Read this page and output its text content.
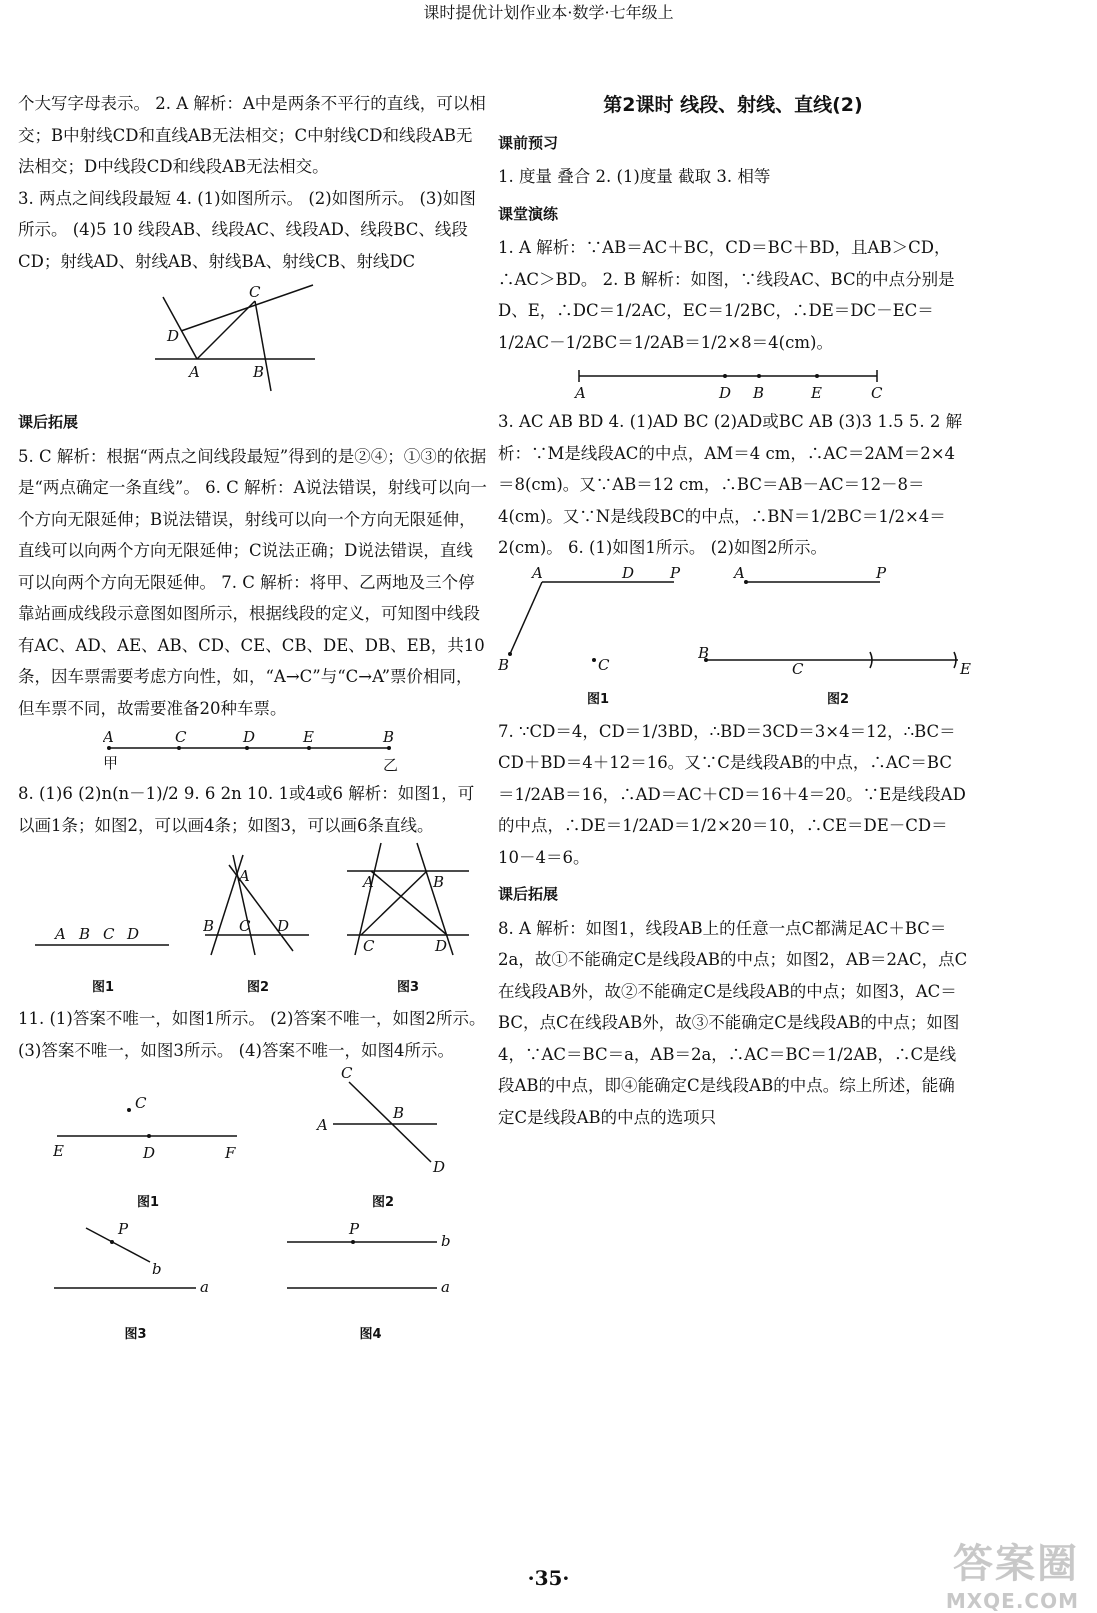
个大写字母表示。 2. A 解析：A中是两条不平行的直线，可以相交；B中射线CD和直线AB无法相交；C中射线CD和线段AB无法相交；D中线段CD和线段AB无法相交。

3. 两点之间线段最短 4. (1)如图所示。 (2)如图所示。 (3)如图所示。 (4)5 10 线段AB、线段AC、线段AD、线段BC、线段CD；射线AD、射线AB、射线BA、射线CB、射线DC

C
D
A	B
课后拓展

5. C 解析：根据“两点之间线段最短”得到的是②④；①③的依据是“两点确定一条直线”。 6. C 解析：A说法错误，射线可以向一个方向无限延伸；B说法错误，射线可以向一个方向无限延伸，直线可以向两个方向无限延伸；C说法正确；D说法错误，直线可以向两个方向无限延伸。 7. C 解析：将甲、乙两地及三个停靠站画成线段示意图如图所示，根据线段的定义，可知图中线段有AC、AD、AE、AB、CD、CE、CB、DE、DB、EB，共10条，因车票需要考虑方向性，如，“A→C”与“C→A”票价相同，但车票不同，故需要准备20种车票。

A	C	D	E	B
甲	乙

8. (1)6 (2)n(n－1)/2 9. 6 2n 10. 1或4或6 解析：如图1，可以画1条；如图2，可以画4条；如图3，可以画6条直线。

A B C D
图1
A
B C D
图2
A	B
C	D
图3

11. (1)答案不唯一，如图1所示。 (2)答案不唯一，如图2所示。 (3)答案不唯一，如图3所示。 (4)答案不唯一，如图4所示。

C
E	D	F
图1
C
A
B
D
图2
P
b
a
图3
P
b
a
图4
第2课时 线段、射线、直线(2)
课前预习

1. 度量 叠合 2. (1)度量 截取 3. 相等

课堂演练

1. A 解析：∵AB＝AC＋BC，CD＝BC＋BD，且AB＞CD，∴AC＞BD。 2. B 解析：如图，∵线段AC、BC的中点分别是D、E，∴DC＝1/2AC，EC＝1/2BC，∴DE＝DC－EC＝1/2AC－1/2BC＝1/2AB＝1/2×8＝4(cm)。

A	D B	E	C

3. AC AB BD 4. (1)AD BC (2)AD或BC AB (3)3 1.5 5. 2 解析：∵M是线段AC的中点，AM＝4 cm，∴AC＝2AM＝2×4＝8(cm)。又∵AB＝12 cm，∴BC＝AB－AC＝12－8＝4(cm)。又∵N是线段BC的中点，∴BN＝1/2BC＝1/2×4＝2(cm)。 6. (1)如图1所示。 (2)如图2所示。

A	D P
B	C
图1
A	P
B
C	E
图2

7. ∵CD＝4，CD＝1/3BD，∴BD＝3CD＝3×4＝12，∴BC＝CD＋BD＝4＋12＝16。又∵C是线段AB的中点，∴AC＝BC＝1/2AB＝16，∴AD＝AC＋CD＝16＋4＝20。∵E是线段AD的中点，∴DE＝1/2AD＝1/2×20＝10，∴CE＝DE－CD＝10－4＝6。

课后拓展

8. A 解析：如图1，线段AB上的任意一点C都满足AC＋BC＝2a，故①不能确定C是线段AB的中点；如图2，AB＝2AC，点C在线段AB外，故②不能确定C是线段AB的中点；如图3，AC＝BC，点C在线段AB外，故③不能确定C是线段AB的中点；如图4，∵AC＝BC＝a，AB＝2a，∴AC＝BC＝1/2AB，∴C是线段AB的中点，即④能确定C是线段AB的中点。综上所述，能确定C是线段AB的中点的选项只

课时提优计划作业本·数学·七年级上
·35·	答案圈
MXQE.COM
